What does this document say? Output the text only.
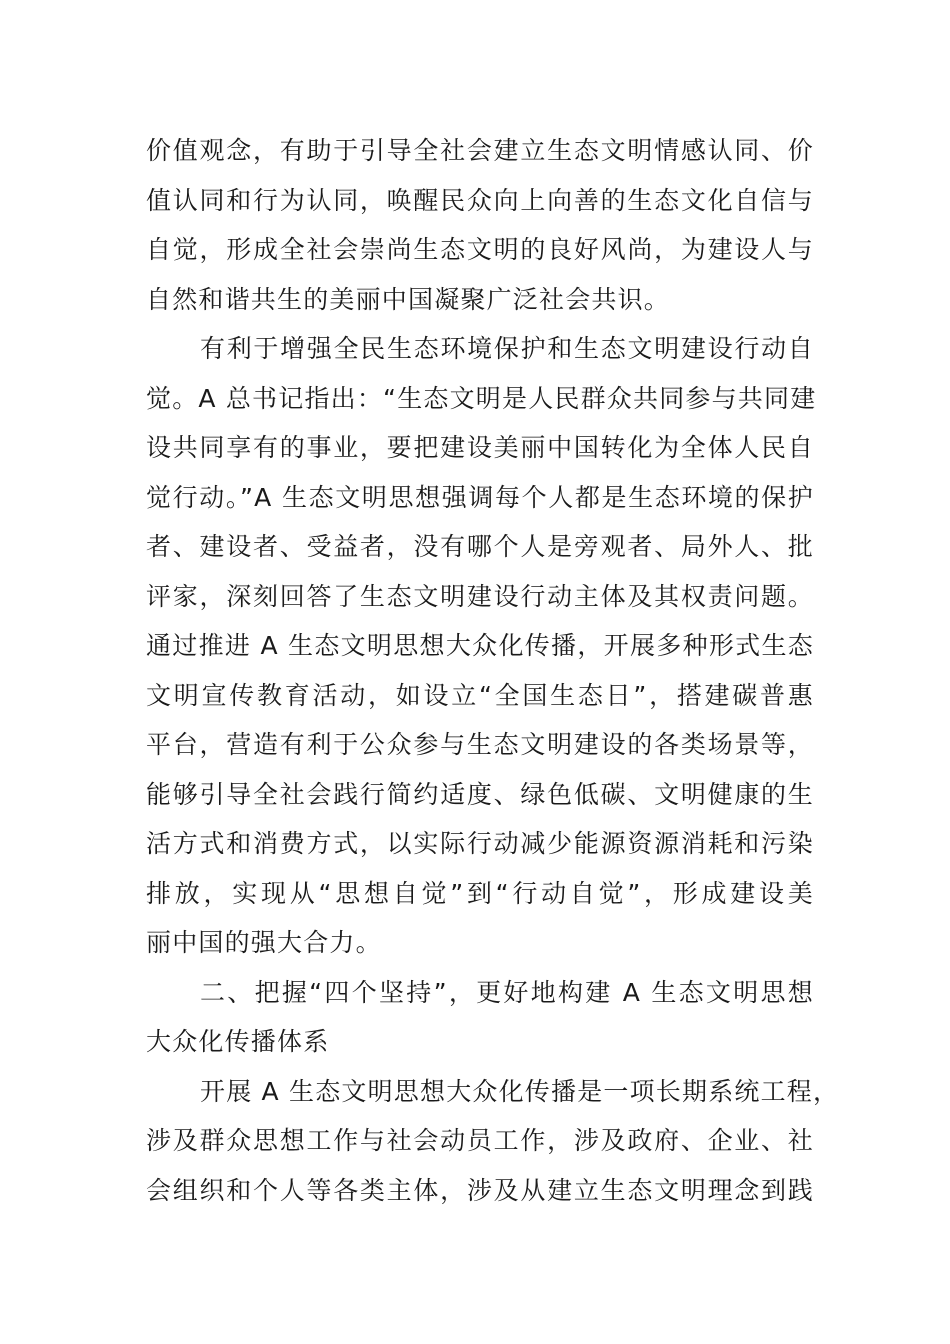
价值观念，有助于引导全社会建立生态文明情感认同、价
值认同和行为认同，唤醒民众向上向善的生态文化自信与
自觉，形成全社会崇尚生态文明的良好风尚，为建设人与
自然和谐共生的美丽中国凝聚广泛社会共识。
有利于增强全民生态环境保护和生态文明建设行动自
觉。A 总书记指出：“生态文明是人民群众共同参与共同建
设共同享有的事业，要把建设美丽中国转化为全体人民自
觉行动。”A 生态文明思想强调每个人都是生态环境的保护
者、建设者、受益者，没有哪个人是旁观者、局外人、批
评家，深刻回答了生态文明建设行动主体及其权责问题。
通过推进 A 生态文明思想大众化传播，开展多种形式生态
文明宣传教育活动，如设立“全国生态日”，搭建碳普惠
平台，营造有利于公众参与生态文明建设的各类场景等，
能够引导全社会践行简约适度、绿色低碳、文明健康的生
活方式和消费方式，以实际行动减少能源资源消耗和污染
排放，实现从“思想自觉”到“行动自觉”，形成建设美
丽中国的强大合力。
二、把握“四个坚持”，更好地构建 A 生态文明思想
大众化传播体系
开展 A 生态文明思想大众化传播是一项长期系统工程，
涉及群众思想工作与社会动员工作，涉及政府、企业、社
会组织和个人等各类主体，涉及从建立生态文明理念到践
